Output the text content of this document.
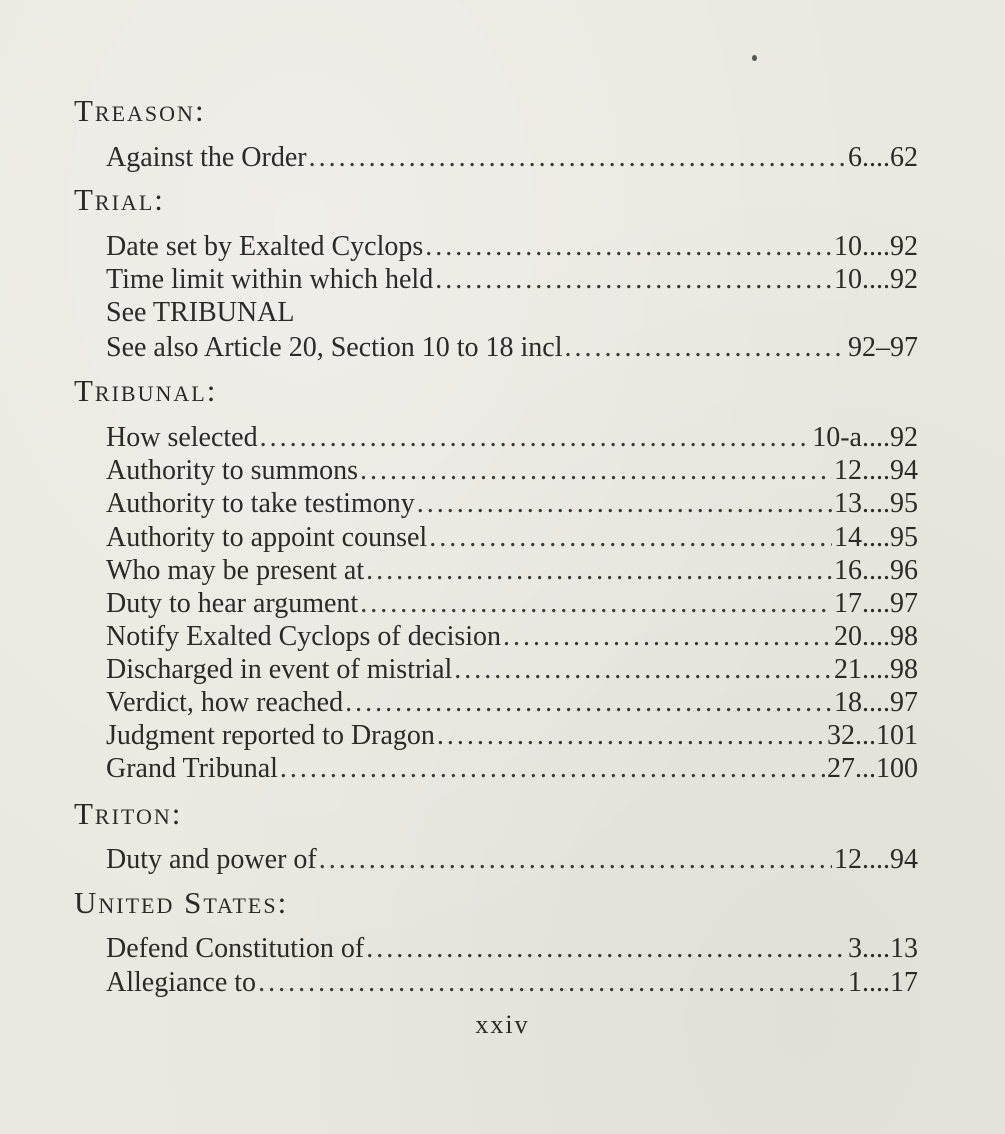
Treason:
Against the Order .....	6....62
Trial:
Date set by Exalted Cyclops .....	10....92
Time limit within which held .....	10....92
See TRIBUNAL
See also Article 20, Section 10 to 18 incl .....	92–97
Tribunal:
How selected .....	10-a....92
Authority to summons .....	12....94
Authority to take testimony .....	13....95
Authority to appoint counsel .....	14....95
Who may be present at .....	16....96
Duty to hear argument .....	17....97
Notify Exalted Cyclops of decision .....	20....98
Discharged in event of mistrial .....	21....98
Verdict, how reached .....	18....97
Judgment reported to Dragon .....	32...101
Grand Tribunal .....	27...100
Triton:
Duty and power of .....	12....94
United States:
Defend Constitution of .....	3....13
Allegiance to .....	1....17
xxiv
